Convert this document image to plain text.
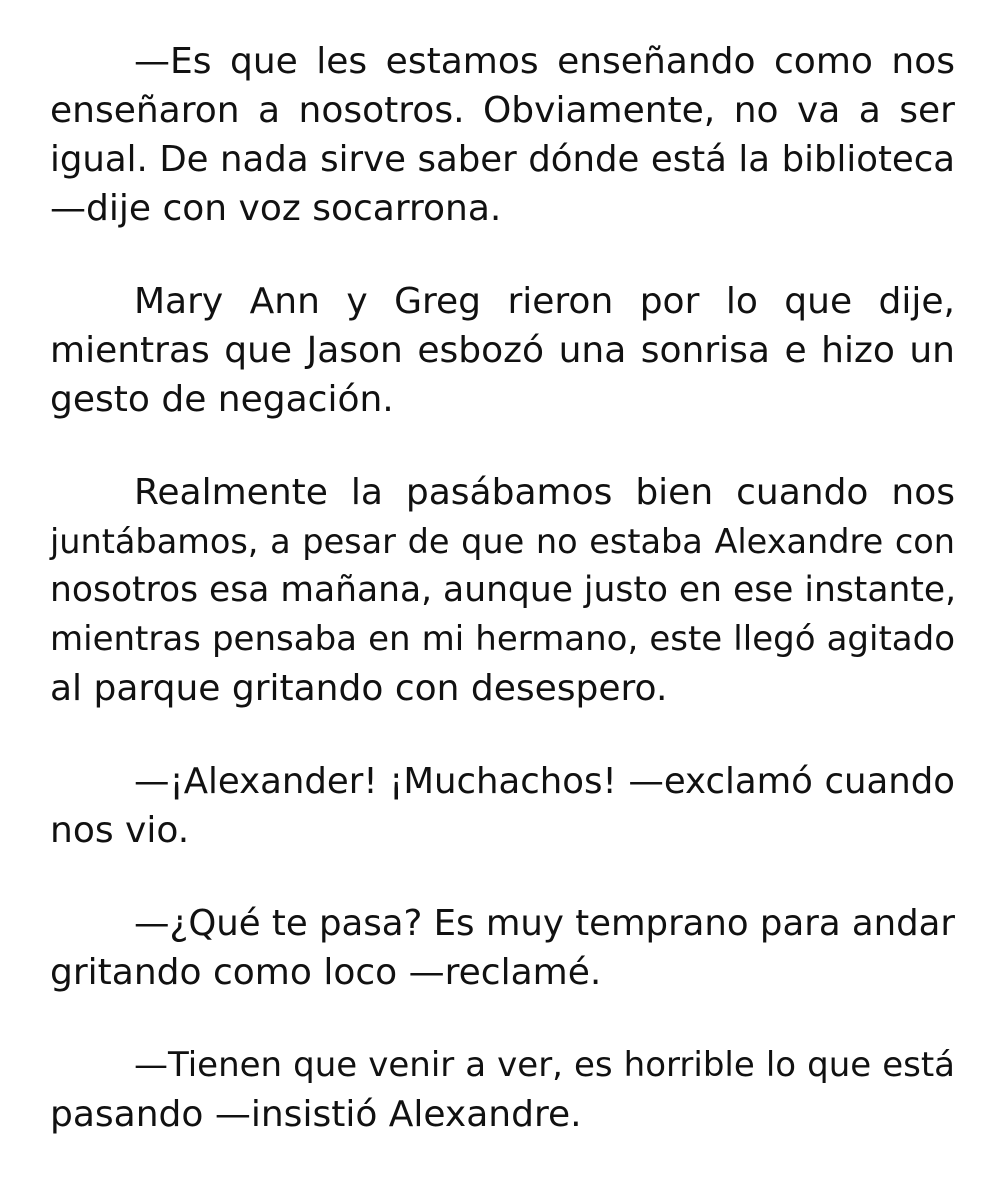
—Es que les estamos enseñando como nos
enseñaron a nosotros. Obviamente, no va a ser
igual. De nada sirve saber dónde está la biblioteca
—dije con voz socarrona.

Mary Ann y Greg rieron por lo que dije,
mientras que Jason esbozó una sonrisa e hizo un
gesto de negación.

Realmente la pasábamos bien cuando nos
juntábamos, a pesar de que no estaba Alexandre con
nosotros esa mañana, aunque justo en ese instante,
mientras pensaba en mi hermano, este llegó agitado
al parque gritando con desespero.

—¡Alexander! ¡Muchachos! —exclamó cuando
nos vio.

—¿Qué te pasa? Es muy temprano para andar
gritando como loco —reclamé.

—Tienen que venir a ver, es horrible lo que está
pasando —insistió Alexandre.
